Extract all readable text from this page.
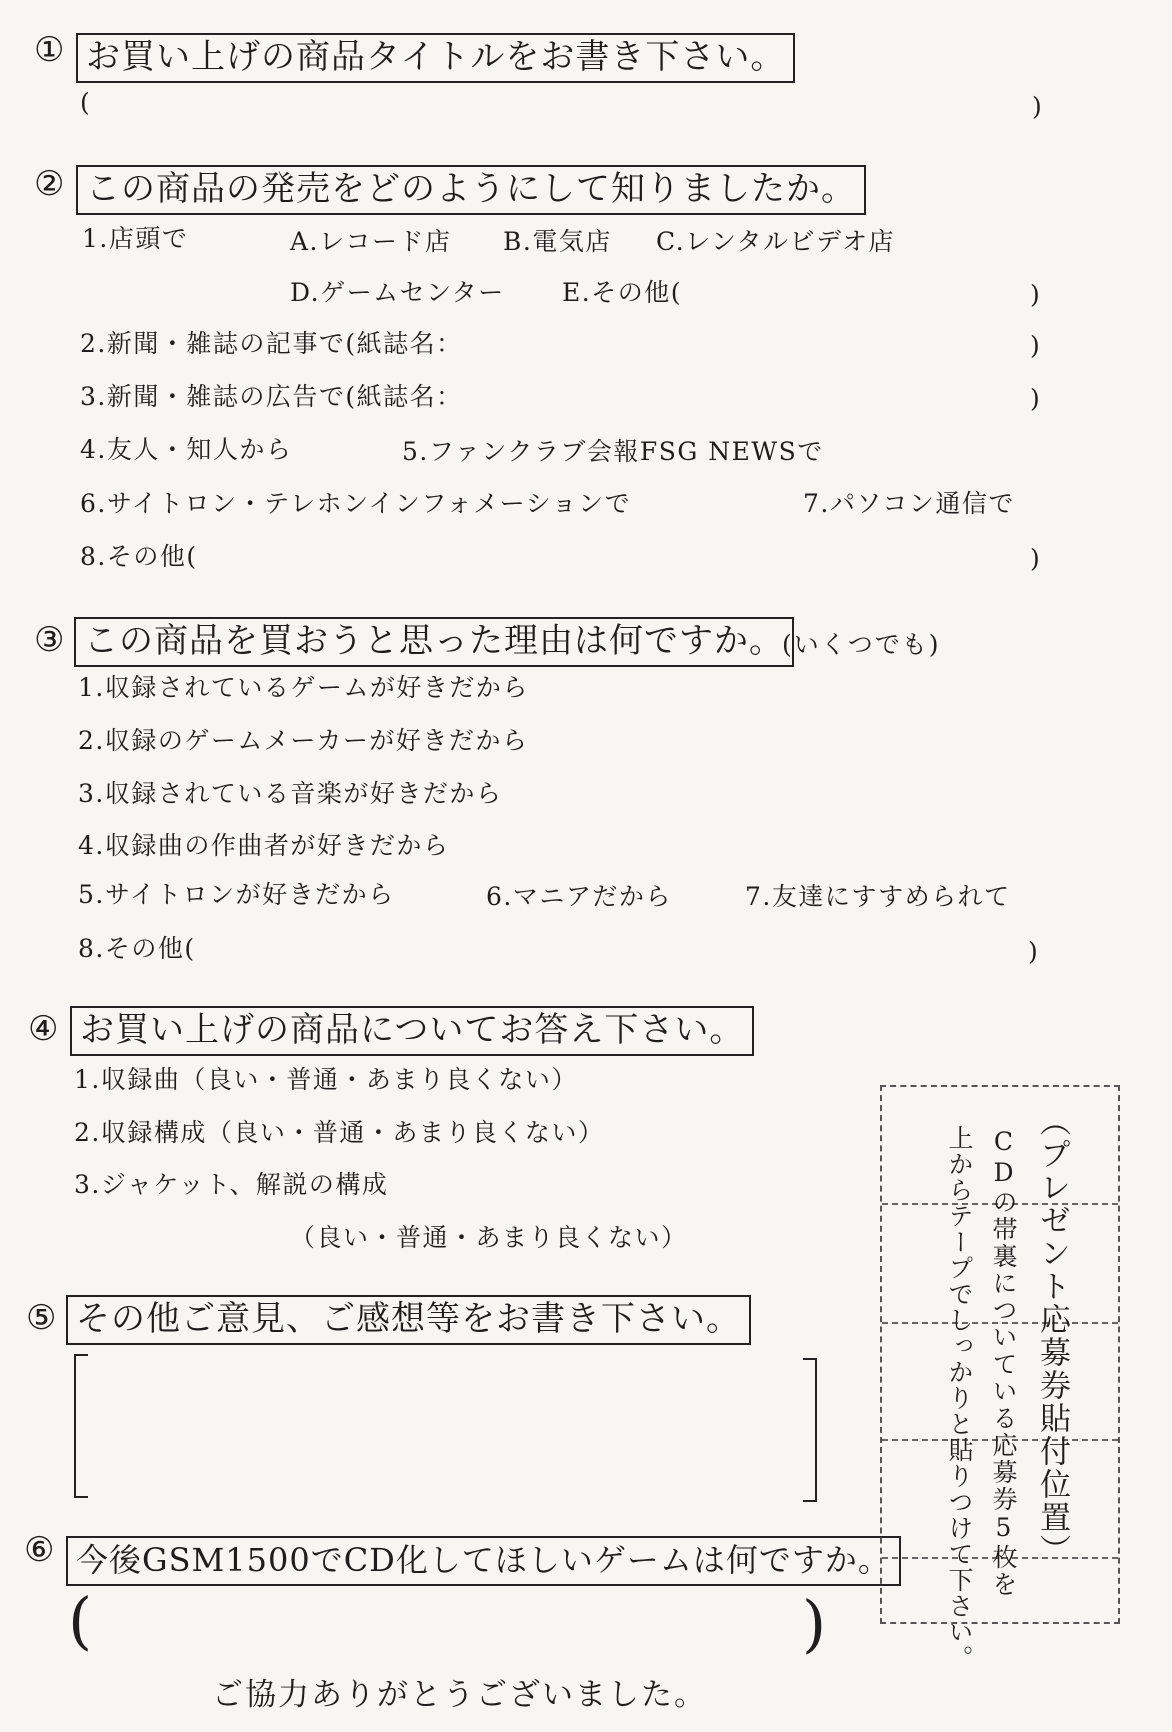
① お買い上げの商品タイトルをお書き下さい。
(	)
② この商品の発売をどのようにして知りましたか。
1.店頭で	A.レコード店 B.電気店 C.レンタルビデオ店
D.ゲームセンター E.その他(	)
2.新聞・雑誌の記事で(紙誌名：	)
3.新聞・雑誌の広告で(紙誌名：	)
4.友人・知人から	5.ファンクラブ会報FSG NEWSで
6.サイトロン・テレホンインフォメーションで	7.パソコン通信で
8.その他(	)
③ この商品を買おうと思った理由は何ですか。
(いくつでも)
1.収録されているゲームが好きだから
2.収録のゲームメーカーが好きだから
3.収録されている音楽が好きだから
4.収録曲の作曲者が好きだから
5.サイトロンが好きだから	6.マニアだから	7.友達にすすめられて
8.その他(	)
④ お買い上げの商品についてお答え下さい。
1.収録曲（良い・普通・あまり良くない）
2.収録構成（良い・普通・あまり良くない）
3.ジャケット、解説の構成
（良い・普通・あまり良くない）
⑤ その他ご意見、ご感想等をお書き下さい。
⑥ 今後GSM1500でCD化してほしいゲームは何ですか。
(	)
ご協力ありがとうございました。
（プレゼント応募券貼付位置）
CDの帯裏についている応募券5枚を
上からテープでしっかりと貼りつけて下さい。
